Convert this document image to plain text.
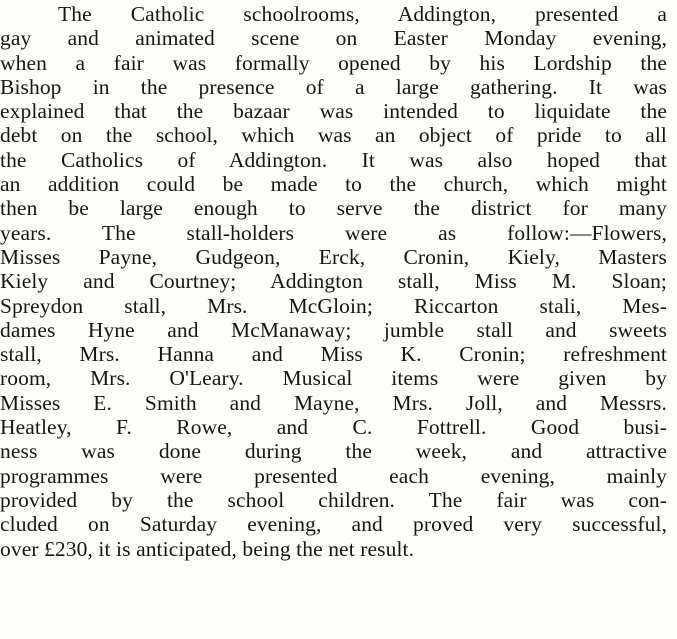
The Catholic schoolrooms, Addington, presented a
gay and animated scene on Easter Monday evening,
when a fair was formally opened by his Lordship the
Bishop in the presence of a large gathering. It was
explained that the bazaar was intended to liquidate the
debt on the school, which was an object of pride to all
the Catholics of Addington. It was also hoped that
an addition could be made to the church, which might
then be large enough to serve the district for many
years. The stall-holders were as follow:—Flowers,
Misses Payne, Gudgeon, Erck, Cronin, Kiely, Masters
Kiely and Courtney; Addington stall, Miss M. Sloan;
Spreydon stall, Mrs. McGloin; Riccarton stali, Mes-
dames Hyne and McManaway; jumble stall and sweets
stall, Mrs. Hanna and Miss K. Cronin; refreshment
room, Mrs. O'Leary. Musical items were given by
Misses E. Smith and Mayne, Mrs. Joll, and Messrs.
Heatley, F. Rowe, and C. Fottrell. Good busi-
ness was done during the week, and attractive
programmes were presented each evening, mainly
provided by the school children. The fair was con-
cluded on Saturday evening, and proved very successful,
over £230, it is anticipated, being the net result.
